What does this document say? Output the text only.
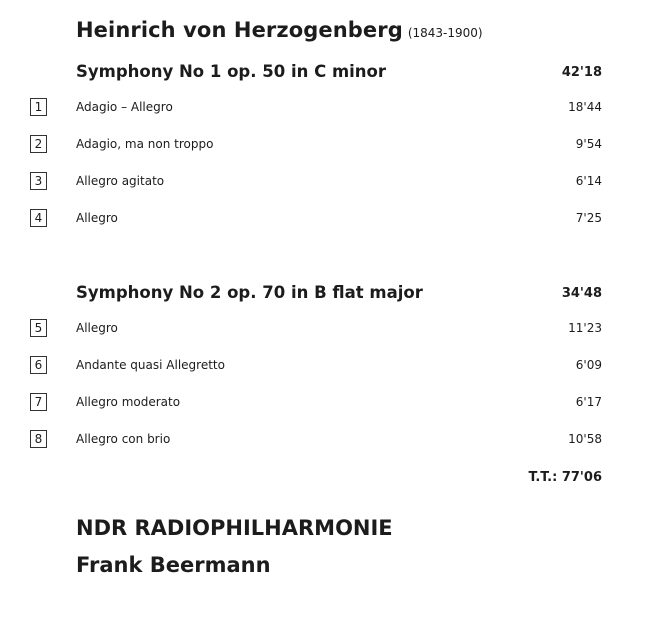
Heinrich von Herzogenberg (1843-1900)
Symphony No 1 op. 50 in C minor	42'18
1	Adagio – Allegro	18'44
2	Adagio, ma non troppo	9'54
3	Allegro agitato	6'14
4	Allegro	7'25
Symphony No 2 op. 70 in B flat major	34'48
5	Allegro	11'23
6	Andante quasi Allegretto	6'09
7	Allegro moderato	6'17
8	Allegro con brio	10'58
T.T.: 77'06
NDR RADIOPHILHARMONIE
Frank Beermann
